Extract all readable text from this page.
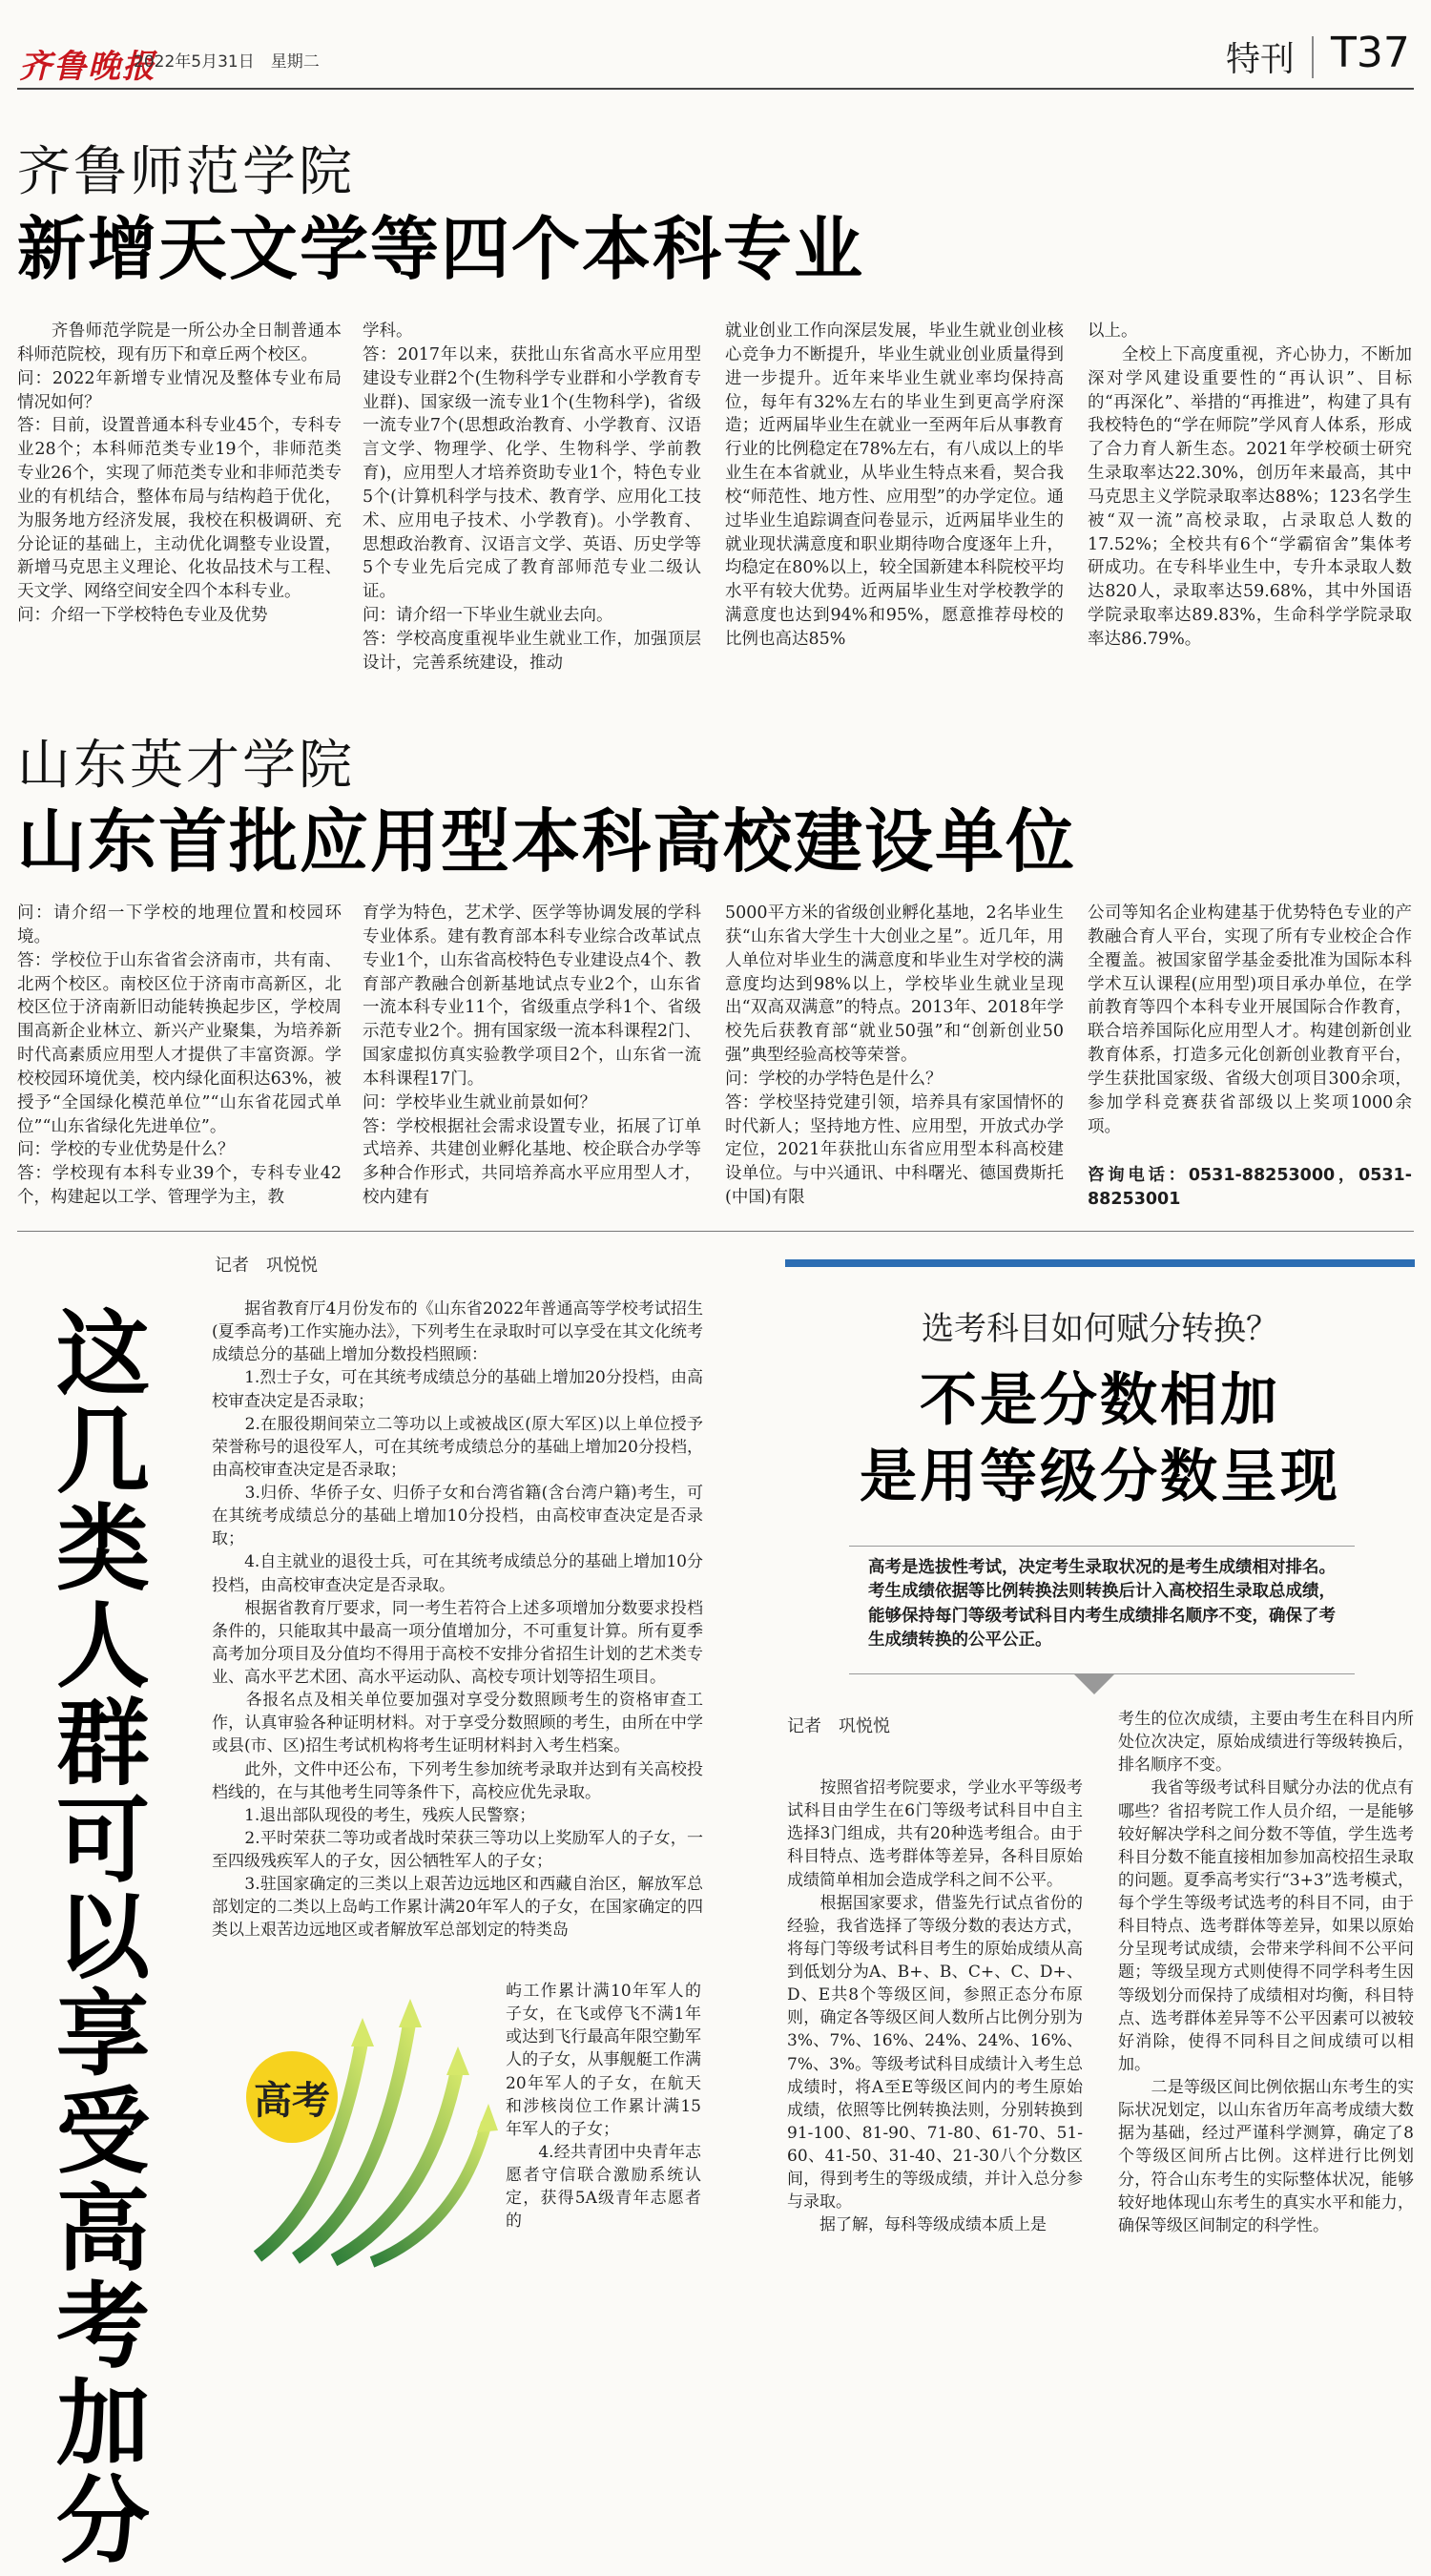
齐鲁晚报
2022年5月31日　星期二	特刊 T37
齐鲁师范学院
新增天文学等四个本科专业
　　齐鲁师范学院是一所公办全日制普通本科师范院校，现有历下和章丘两个校区。
问：2022年新增专业情况及整体专业布局情况如何？
答：目前，设置普通本科专业45个，专科专业28个；本科师范类专业19个，非师范类专业26个，实现了师范类专业和非师范类专业的有机结合，整体布局与结构趋于优化，为服务地方经济发展，我校在积极调研、充分论证的基础上，主动优化调整专业设置，新增马克思主义理论、化妆品技术与工程、天文学、网络空间安全四个本科专业。
问：介绍一下学校特色专业及优势
学科。
答：2017年以来，获批山东省高水平应用型建设专业群2个(生物科学专业群和小学教育专业群)、国家级一流专业1个(生物科学)，省级一流专业7个(思想政治教育、小学教育、汉语言文学、物理学、化学、生物科学、学前教育)，应用型人才培养资助专业1个，特色专业5个(计算机科学与技术、教育学、应用化工技术、应用电子技术、小学教育)。小学教育、思想政治教育、汉语言文学、英语、历史学等5个专业先后完成了教育部师范专业二级认证。
问：请介绍一下毕业生就业去向。
答：学校高度重视毕业生就业工作，加强顶层设计，完善系统建设，推动
就业创业工作向深层发展，毕业生就业创业核心竞争力不断提升，毕业生就业创业质量得到进一步提升。近年来毕业生就业率均保持高位，每年有32%左右的毕业生到更高学府深造；近两届毕业生在就业一至两年后从事教育行业的比例稳定在78%左右，有八成以上的毕业生在本省就业，从毕业生特点来看，契合我校“师范性、地方性、应用型”的办学定位。通过毕业生追踪调查问卷显示，近两届毕业生的就业现状满意度和职业期待吻合度逐年上升，均稳定在80%以上，较全国新建本科院校平均水平有较大优势。近两届毕业生对学校教学的满意度也达到94%和95%，愿意推荐母校的比例也高达85%
以上。
　　全校上下高度重视，齐心协力，不断加深对学风建设重要性的“再认识”、目标的“再深化”、举措的“再推进”，构建了具有我校特色的“学在师院”学风育人体系，形成了合力育人新生态。2021年学校硕士研究生录取率达22.30%，创历年来最高，其中马克思主义学院录取率达88%；123名学生被“双一流”高校录取，占录取总人数的17.52%；全校共有6个“学霸宿舍”集体考研成功。在专科毕业生中，专升本录取人数达820人，录取率达59.68%，其中外国语学院录取率达89.83%，生命科学学院录取率达86.79%。
山东英才学院
山东首批应用型本科高校建设单位
问：请介绍一下学校的地理位置和校园环境。
答：学校位于山东省省会济南市，共有南、北两个校区。南校区位于济南市高新区，北校区位于济南新旧动能转换起步区，学校周围高新企业林立、新兴产业聚集，为培养新时代高素质应用型人才提供了丰富资源。学校校园环境优美，校内绿化面积达63%，被授予“全国绿化模范单位”“山东省花园式单位”“山东省绿化先进单位”。
问：学校的专业优势是什么？
答：学校现有本科专业39个，专科专业42个，构建起以工学、管理学为主，教
育学为特色，艺术学、医学等协调发展的学科专业体系。建有教育部本科专业综合改革试点专业1个，山东省高校特色专业建设点4个、教育部产教融合创新基地试点专业2个，山东省一流本科专业11个，省级重点学科1个、省级示范专业2个。拥有国家级一流本科课程2门、国家虚拟仿真实验教学项目2个，山东省一流本科课程17门。
问：学校毕业生就业前景如何？
答：学校根据社会需求设置专业，拓展了订单式培养、共建创业孵化基地、校企联合办学等多种合作形式，共同培养高水平应用型人才，校内建有
5000平方米的省级创业孵化基地，2名毕业生获“山东省大学生十大创业之星”。近几年，用人单位对毕业生的满意度和毕业生对学校的满意度均达到98%以上，学校毕业生就业呈现出“双高双满意”的特点。2013年、2018年学校先后获教育部“就业50强”和“创新创业50强”典型经验高校等荣誉。
问：学校的办学特色是什么？
答：学校坚持党建引领，培养具有家国情怀的时代新人；坚持地方性、应用型，开放式办学定位，2021年获批山东省应用型本科高校建设单位。与中兴通讯、中科曙光、德国费斯托(中国)有限
公司等知名企业构建基于优势特色专业的产教融合育人平台，实现了所有专业校企合作全覆盖。被国家留学基金委批准为国际本科学术互认课程(应用型)项目承办单位，在学前教育等四个本科专业开展国际合作教育，联合培养国际化应用型人才。构建创新创业教育体系，打造多元化创新创业教育平台，学生获批国家级、省级大创项目300余项，参加学科竞赛获省部级以上奖项1000余项。
咨询电话：0531-88253000，0531-88253001
记者　巩悦悦
这几类人群可以享受高考加分
　　据省教育厅4月份发布的《山东省2022年普通高等学校考试招生(夏季高考)工作实施办法》，下列考生在录取时可以享受在其文化统考成绩总分的基础上增加分数投档照顾：
　　1.烈士子女，可在其统考成绩总分的基础上增加20分投档，由高校审查决定是否录取；
　　2.在服役期间荣立二等功以上或被战区(原大军区)以上单位授予荣誉称号的退役军人，可在其统考成绩总分的基础上增加20分投档，由高校审查决定是否录取；
　　3.归侨、华侨子女、归侨子女和台湾省籍(含台湾户籍)考生，可在其统考成绩总分的基础上增加10分投档，由高校审查决定是否录取；
　　4.自主就业的退役士兵，可在其统考成绩总分的基础上增加10分投档，由高校审查决定是否录取。
　　根据省教育厅要求，同一考生若符合上述多项增加分数要求投档条件的，只能取其中最高一项分值增加分，不可重复计算。所有夏季高考加分项目及分值均不得用于高校不安排分省招生计划的艺术类专业、高水平艺术团、高水平运动队、高校专项计划等招生项目。
　　各报名点及相关单位要加强对享受分数照顾考生的资格审查工作，认真审验各种证明材料。对于享受分数照顾的考生，由所在中学或县(市、区)招生考试机构将考生证明材料封入考生档案。
　　此外，文件中还公布，下列考生参加统考录取并达到有关高校投档线的，在与其他考生同等条件下，高校应优先录取。
　　1.退出部队现役的考生，残疾人民警察；
　　2.平时荣获二等功或者战时荣获三等功以上奖励军人的子女，一至四级残疾军人的子女，因公牺牲军人的子女；
　　3.驻国家确定的三类以上艰苦边远地区和西藏自治区，解放军总部划定的二类以上岛屿工作累计满20年军人的子女，在国家确定的四类以上艰苦边远地区或者解放军总部划定的特类岛
屿工作累计满10年军人的子女，在飞或停飞不满1年或达到飞行最高年限空勤军人的子女，从事舰艇工作满20年军人的子女，在航天和涉核岗位工作累计满15年军人的子女；
　　4.经共青团中央青年志愿者守信联合激励系统认定，获得5A级青年志愿者的
高考
选考科目如何赋分转换？
不是分数相加
是用等级分数呈现
高考是选拔性考试，决定考生录取状况的是考生成绩相对排名。考生成绩依据等比例转换法则转换后计入高校招生录取总成绩，能够保持每门等级考试科目内考生成绩排名顺序不变，确保了考生成绩转换的公平公正。
记者　巩悦悦
　　按照省招考院要求，学业水平等级考试科目由学生在6门等级考试科目中自主选择3门组成，共有20种选考组合。由于科目特点、选考群体等差异，各科目原始成绩简单相加会造成学科之间不公平。
　　根据国家要求，借鉴先行试点省份的经验，我省选择了等级分数的表达方式，将每门等级考试科目考生的原始成绩从高到低划分为A、B+、B、C+、C、D+、D、E共8个等级区间，参照正态分布原则，确定各等级区间人数所占比例分别为3%、7%、16%、24%、24%、16%、7%、3%。等级考试科目成绩计入考生总成绩时，将A至E等级区间内的考生原始成绩，依照等比例转换法则，分别转换到91-100、81-90、71-80、61-70、51-60、41-50、31-40、21-30八个分数区间，得到考生的等级成绩，并计入总分参与录取。
　　据了解，每科等级成绩本质上是
考生的位次成绩，主要由考生在科目内所处位次决定，原始成绩进行等级转换后，排名顺序不变。
　　我省等级考试科目赋分办法的优点有哪些？省招考院工作人员介绍，一是能够较好解决学科之间分数不等值，学生选考科目分数不能直接相加参加高校招生录取的问题。夏季高考实行“3+3”选考模式，每个学生等级考试选考的科目不同，由于科目特点、选考群体等差异，如果以原始分呈现考试成绩，会带来学科间不公平问题；等级呈现方式则使得不同学科考生因等级划分而保持了成绩相对均衡，科目特点、选考群体差异等不公平因素可以被较好消除，使得不同科目之间成绩可以相加。
　　二是等级区间比例依据山东考生的实际状况划定，以山东省历年高考成绩大数据为基础，经过严谨科学测算，确定了8个等级区间所占比例。这样进行比例划分，符合山东考生的实际整体状况，能够较好地体现山东考生的真实水平和能力，确保等级区间制定的科学性。
